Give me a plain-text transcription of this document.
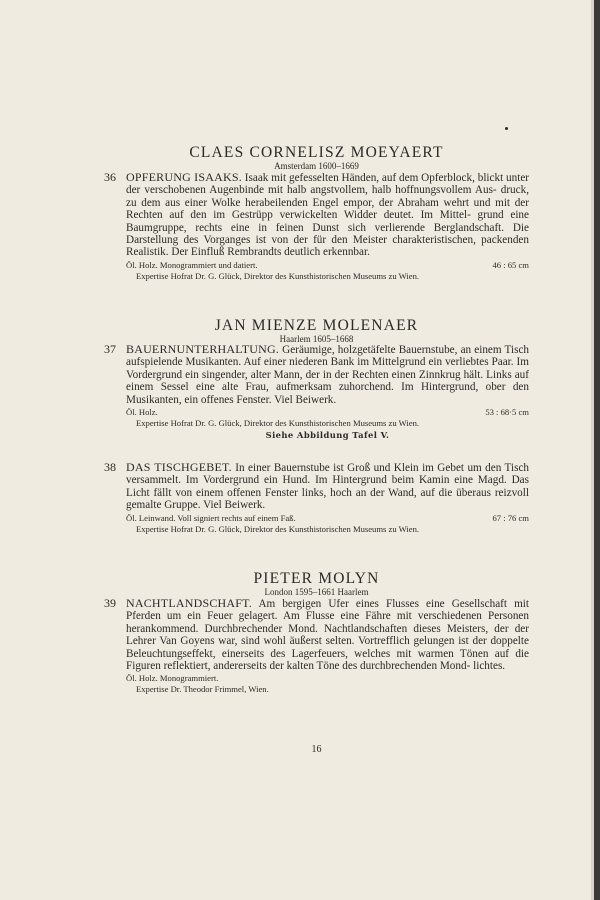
CLAES CORNELISZ MOEYAERT
Amsterdam 1600–1669
36 OPFERUNG ISAAKS. Isaak mit gefesselten Händen, auf dem Opferblock, blickt unter der verschobenen Augenbinde mit halb angstvollem, halb hoffnungsvollem Aus- druck, zu dem aus einer Wolke herabeilenden Engel empor, der Abraham wehrt und mit der Rechten auf den im Gestrüpp verwickelten Widder deutet. Im Mittel- grund eine Baumgruppe, rechts eine in feinen Dunst sich verlierende Berglandschaft. Die Darstellung des Vorganges ist von der für den Meister charakteristischen, packenden Realistik. Der Einfluß Rembrandts deutlich erkennbar.
Öl. Holz. Monogrammiert und datiert.	46 : 65 cm
Expertise Hofrat Dr. G. Glück, Direktor des Kunsthistorischen Museums zu Wien.
JAN MIENZE MOLENAER
Haarlem 1605–1668
37 BAUERNUNTERHALTUNG. Geräumige, holzgetäfelte Bauernstube, an einem Tisch aufspielende Musikanten. Auf einer niederen Bank im Mittelgrund ein verliebtes Paar. Im Vordergrund ein singender, alter Mann, der in der Rechten einen Zinnkrug hält. Links auf einem Sessel eine alte Frau, aufmerksam zuhorchend. Im Hintergrund, ober den Musikanten, ein offenes Fenster. Viel Beiwerk.
Öl. Holz.	53 : 68·5 cm
Expertise Hofrat Dr. G. Glück, Direktor des Kunsthistorischen Museums zu Wien.
Siehe Abbildung Tafel V.
38 DAS TISCHGEBET. In einer Bauernstube ist Groß und Klein im Gebet um den Tisch versammelt. Im Vordergrund ein Hund. Im Hintergrund beim Kamin eine Magd. Das Licht fällt von einem offenen Fenster links, hoch an der Wand, auf die überaus reizvoll gemalte Gruppe. Viel Beiwerk.
Öl. Leinwand. Voll signiert rechts auf einem Faß.	67 : 76 cm
Expertise Hofrat Dr. G. Glück, Direktor des Kunsthistorischen Museums zu Wien.
PIETER MOLYN
London 1595–1661 Haarlem
39 NACHTLANDSCHAFT. Am bergigen Ufer eines Flusses eine Gesellschaft mit Pferden um ein Feuer gelagert. Am Flusse eine Fähre mit verschiedenen Personen herankommend. Durchbrechender Mond. Nachtlandschaften dieses Meisters, der der Lehrer Van Goyens war, sind wohl äußerst selten. Vortrefflich gelungen ist der doppelte Beleuchtungseffekt, einerseits des Lagerfeuers, welches mit warmen Tönen auf die Figuren reflektiert, andererseits der kalten Töne des durchbrechenden Mond- lichtes.
Öl. Holz. Monogrammiert.
Expertise Dr. Theodor Frimmel, Wien.
16
